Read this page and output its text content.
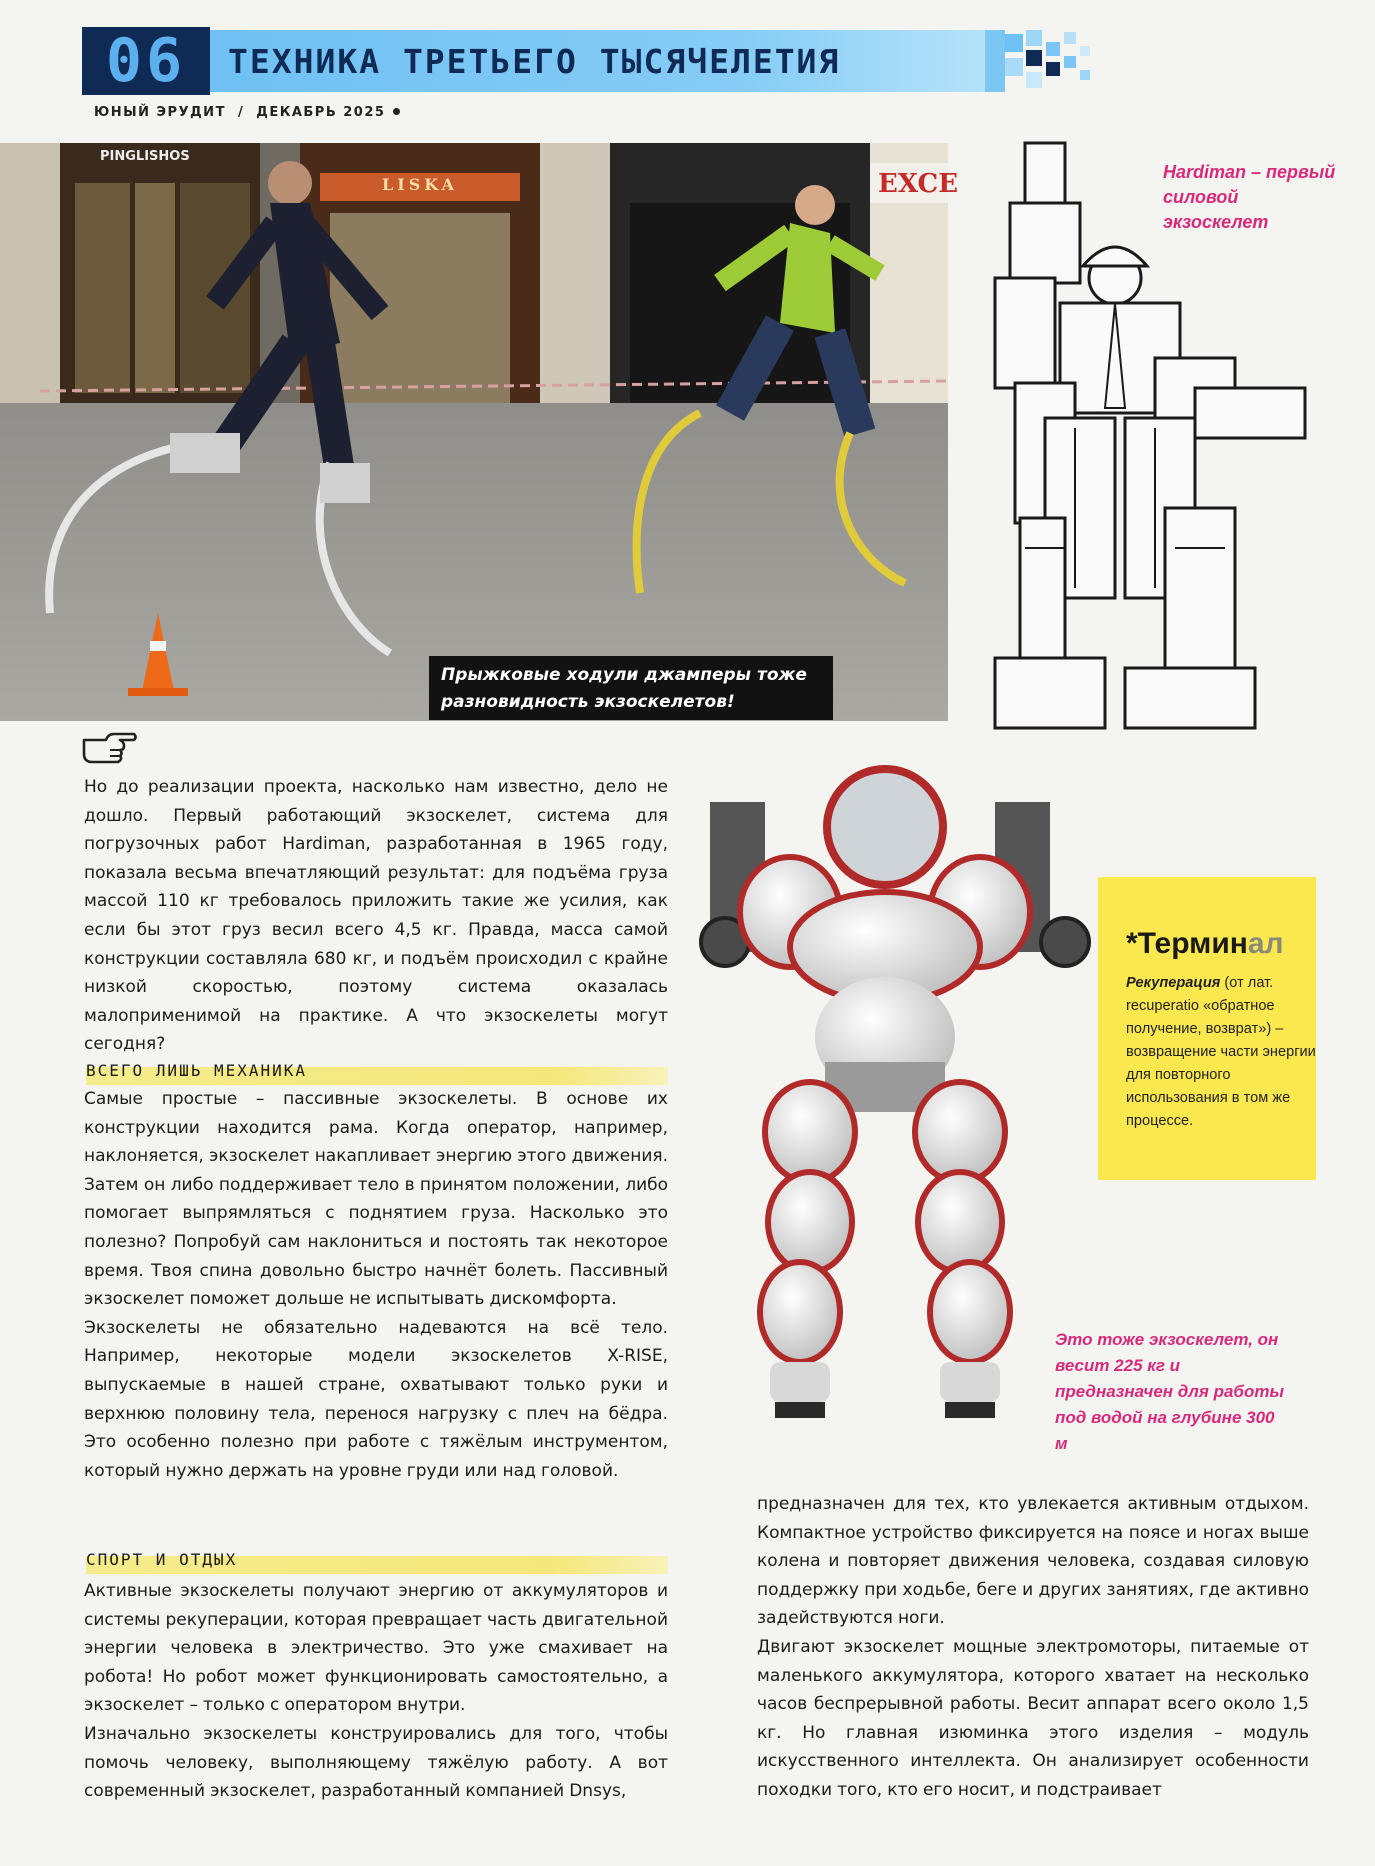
06	ТЕХНИКА ТРЕТЬЕГО ТЫСЯЧЕЛЕТИЯ
ЮНЫЙ ЭРУДИТ / ДЕКАБРЬ 2025
PINGLISHOS
LISKA	EXCE
Прыжковые ходули джамперы тоже разновидность экзоскелетов!
Hardiman – первый силовой экзоскелет
Это тоже экзоскелет, он весит 225 кг и предназначен для работы под водой на глубине 300 м
*Терминал
Рекуперация (от лат. recuperatio «обратное получение, возврат») – возвращение части энергии для повторного использования в том же процессе.

Но до реализации проекта, насколько нам известно, дело не дошло. Первый работающий экзоскелет, система для погрузочных работ Hardiman, разработанная в 1965 году, показала весьма впечатляющий результат: для подъёма груза массой 110 кг требовалось приложить такие же усилия, как если бы этот груз весил всего 4,5 кг. Правда, масса самой конструкции составляла 680 кг, и подъём происходил с крайне низкой скоростью, поэтому система оказалась малоприменимой на практике. А что экзоскелеты могут сегодня?

ВСЕГО ЛИШЬ МЕХАНИКА

Самые простые – пассивные экзоскелеты. В основе их конструкции находится рама. Когда оператор, например, наклоняется, экзоскелет накапливает энергию этого движения. Затем он либо поддерживает тело в принятом положении, либо помогает выпрямляться с поднятием груза. Насколько это полезно? Попробуй сам наклониться и постоять так некоторое время. Твоя спина довольно быстро начнёт болеть. Пассивный экзоскелет поможет дольше не испытывать дискомфорта.

Экзоскелеты не обязательно надеваются на всё тело. Например, некоторые модели экзоскелетов X-RISE, выпускаемые в нашей стране, охватывают только руки и верхнюю половину тела, перенося нагрузку с плеч на бёдра. Это особенно полезно при работе с тяжёлым инструментом, который нужно держать на уровне груди или над головой.

СПОРТ И ОТДЫХ

Активные экзоскелеты получают энергию от аккумуляторов и системы рекуперации, которая превращает часть двигательной энергии человека в электричество. Это уже смахивает на робота! Но робот может функционировать самостоятельно, а экзоскелет – только с оператором внутри.

Изначально экзоскелеты конструировались для того, чтобы помочь человеку, выполняющему тяжёлую работу. А вот современный экзоскелет, разработанный компанией Dnsys,

предназначен для тех, кто увлекается активным отдыхом. Компактное устройство фиксируется на поясе и ногах выше колена и повторяет движения человека, создавая силовую поддержку при ходьбе, беге и других занятиях, где активно задействуются ноги.

Двигают экзоскелет мощные электромоторы, питаемые от маленького аккумулятора, которого хватает на несколько часов беспрерывной работы. Весит аппарат всего около 1,5 кг. Но главная изюминка этого изделия – модуль искусственного интеллекта. Он анализирует особенности походки того, кто его носит, и подстраивает
